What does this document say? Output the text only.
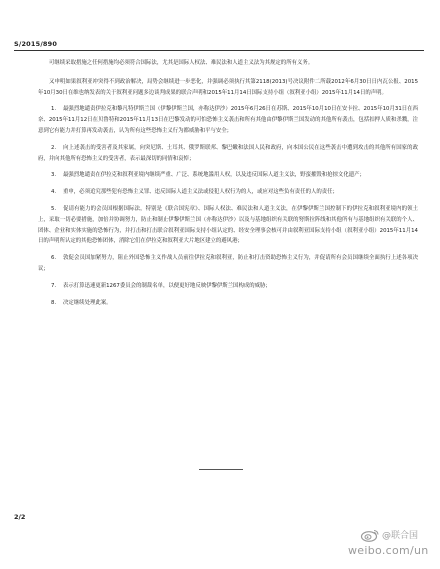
S/2015/890

可继续采取措施之任何措施均必须符合国际法，尤其是国际人权法、难民法和人道主义法为其规定的所有义务。

又申明如果叙利亚冲突得不到政治解决，局势会继续进一步恶化，并强调必须执行其第2118(2013)号决议附件二所载2012年6月30日日内瓦公报、2015年10月30日在维也纳发表的关于叙利亚问题多边谈判成果的联合声明和2015年11月14日国际支持小组（叙利亚小组）2015年11月14日的声明。

1. 最强烈地谴责伊拉克和黎凡特伊斯兰国（伊黎伊斯兰国，亦称达伊沙）2015年6月26日在苏斯、2015年10月10日在安卡拉、2015年10月31日在西奈、2015年11月12日在贝鲁特和2015年11月13日在巴黎发动的可怕恐怖主义袭击和所有其他由伊黎伊斯兰国发动的其他所有袭击，包括扣押人质和杀戮，注意到它有能力并打算再发动袭击，认为所有这些恐怖主义行为都威胁和平与安全；

2. 向上述袭击的受害者及其家属，向突尼斯、土耳其、俄罗斯联邦、黎巴嫩和法国人民和政府，向本国公民在这些袭击中遭到攻击的其他所有国家的政府，并向其他所有恐怖主义的受害者，表示最深切的同情和哀悼；

3. 最强烈地谴责在伊拉克和叙利亚境内继续严重、广泛、系统地滥用人权，以及违反国际人道主义法，野蛮摧毁和抢掠文化遗产；

4. 重申，必须追究那些犯有恐怖主义罪、违反国际人道主义法或侵犯人权行为的人，或应对这些负有责任的人的责任；

5. 促请有能力的会员国根据国际法，特别是《联合国宪章》、国际人权法、难民法和人道主义法，在伊黎伊斯兰国控制下的伊拉克和叙利亚境内的领土上，采取一切必要措施，加倍并协调努力，防止和制止伊黎伊斯兰国（亦称达伊沙）以及与基地组织有关联的努斯拉阵线和其他所有与基地组织有关联的个人、团体、企业和实体实施的恐怖行为，并打击和打击联合叙利亚国际支持小组认定的、经安全理事会核可并由叙利亚国际支持小组（叙利亚小组）2015年11月14日的声明所认定的其他恐怖团体，消除它们在伊拉克和叙利亚大片地区建立的避风港；

6. 敦促会员国加紧努力，阻止外国恐怖主义作战人员前往伊拉克和叙利亚，防止和打击资助恐怖主义行为，并促请所有会员国继续全面执行上述各项决议；

7. 表示打算迅速更新1267委员会的制裁名单，以便更好地反映伊黎伊斯兰国构成的威胁；

8. 决定继续处理此案。

2/2
@联合国
weibo.com/un
